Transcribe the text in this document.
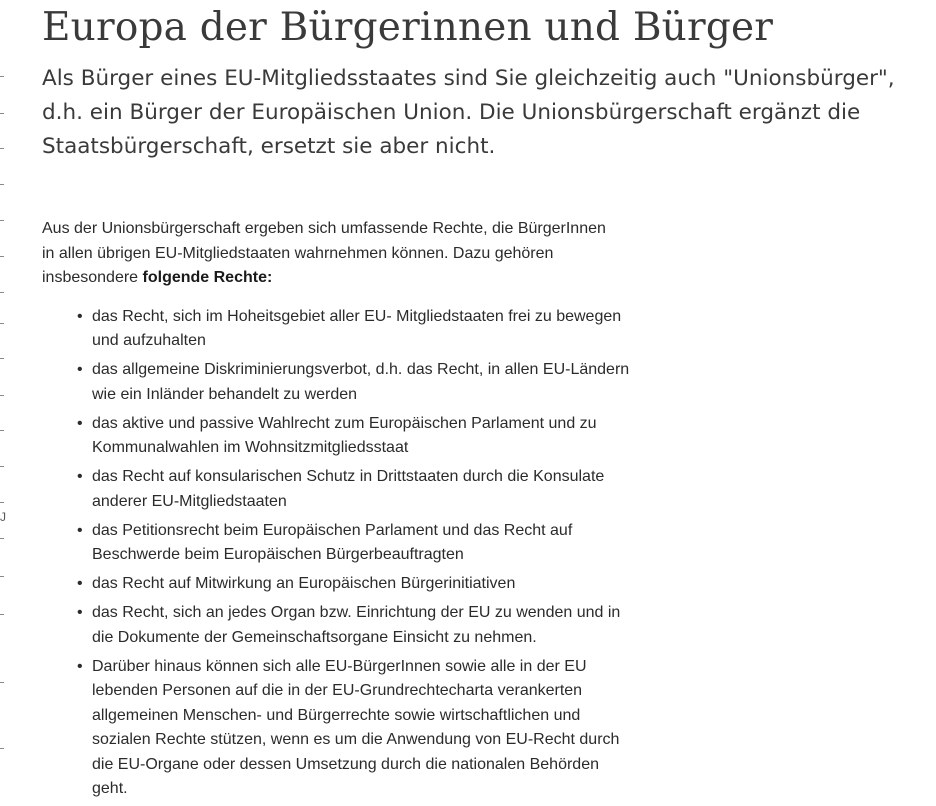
J
Europa der Bürgerinnen und Bürger

Als Bürger eines EU-Mitgliedsstaates sind Sie gleichzeitig auch "Unionsbürger", d.h. ein Bürger der Europäischen Union. Die Unionsbürgerschaft ergänzt die Staatsbürgerschaft, ersetzt sie aber nicht.

Aus der Unionsbürgerschaft ergeben sich umfassende Rechte, die BürgerInnen in allen übrigen EU-Mitgliedstaaten wahrnehmen können. Dazu gehören insbesondere folgende Rechte:

• das Recht, sich im Hoheitsgebiet aller EU- Mitgliedstaaten frei zu bewegen und aufzuhalten
• das allgemeine Diskriminierungsverbot, d.h. das Recht, in allen EU-Ländern wie ein Inländer behandelt zu werden
• das aktive und passive Wahlrecht zum Europäischen Parlament und zu Kommunalwahlen im Wohnsitzmitgliedsstaat
• das Recht auf konsularischen Schutz in Drittstaaten durch die Konsulate anderer EU-Mitgliedstaaten
• das Petitionsrecht beim Europäischen Parlament und das Recht auf Beschwerde beim Europäischen Bürgerbeauftragten
• das Recht auf Mitwirkung an Europäischen Bürgerinitiativen
• das Recht, sich an jedes Organ bzw. Einrichtung der EU zu wenden und in die Dokumente der Gemeinschaftsorgane Einsicht zu nehmen.
• Darüber hinaus können sich alle EU-BürgerInnen sowie alle in der EU lebenden Personen auf die in der EU-Grundrechtecharta verankerten allgemeinen Menschen- und Bürgerrechte sowie wirtschaftlichen und sozialen Rechte stützen, wenn es um die Anwendung von EU-Recht durch die EU-Organe oder dessen Umsetzung durch die nationalen Behörden geht.
